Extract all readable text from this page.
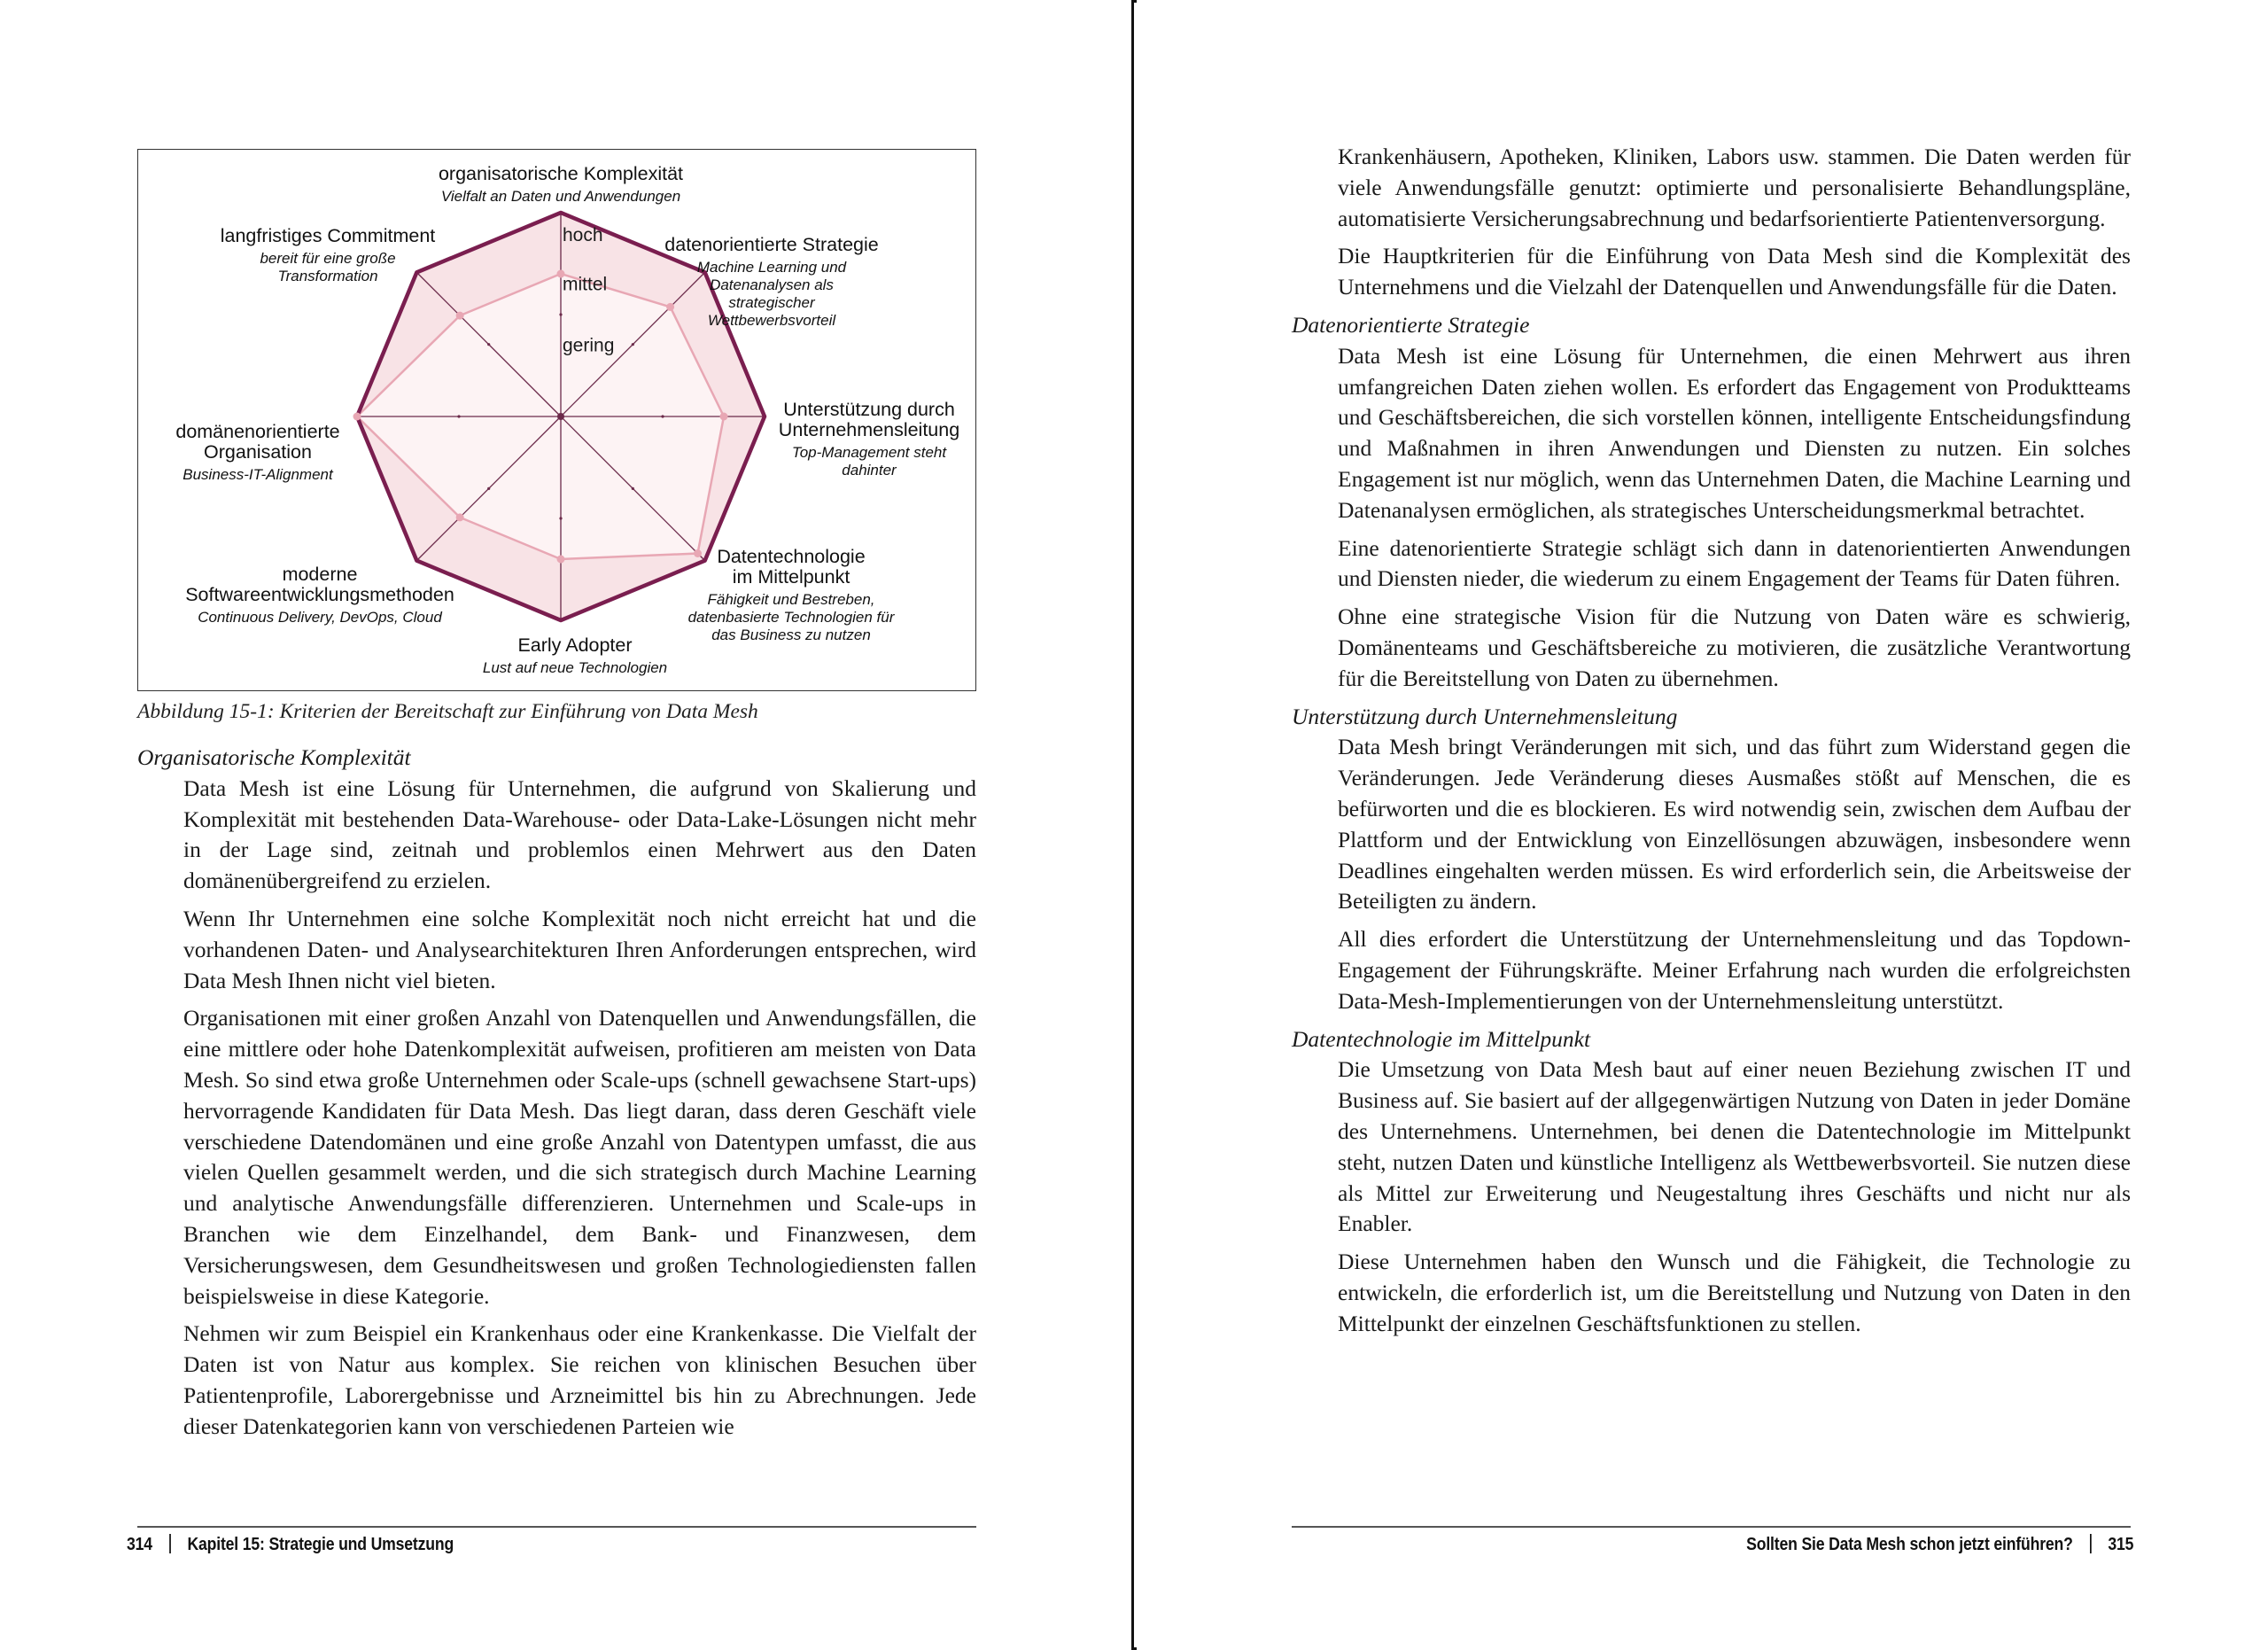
hoch
mittel
gering
organisatorische Komplexität Vielfalt an Daten und Anwendungen
datenorientierte Strategie Machine Learning und Datenanalysen als strategischer Wettbewerbsvorteil
Unterstützung durch Unternehmensleitung Top-Management steht dahinter
Datentechnologie im Mittelpunkt Fähigkeit und Bestreben, datenbasierte Technologien für das Business zu nutzen
Early Adopter Lust auf neue Technologien
moderne Softwareentwicklungsmethoden Continuous Delivery, DevOps, Cloud
domänenorientierte Organisation Business-IT-Alignment
langfristiges Commitment bereit für eine große Transformation
Abbildung 15-1: Kriterien der Bereitschaft zur Einführung von Data Mesh
Organisatorische Komplexität

Data Mesh ist eine Lösung für Unternehmen, die aufgrund von Skalierung und Komplexität mit bestehenden Data-Warehouse- oder Data-Lake-Lösungen nicht mehr in der Lage sind, zeitnah und problemlos einen Mehrwert aus den Daten domänenübergreifend zu erzielen.

Wenn Ihr Unternehmen eine solche Komplexität noch nicht erreicht hat und die vorhandenen Daten- und Analysearchitekturen Ihren Anforderungen entsprechen, wird Data Mesh Ihnen nicht viel bieten.

Organisationen mit einer großen Anzahl von Datenquellen und Anwendungsfällen, die eine mittlere oder hohe Datenkomplexität aufweisen, profitieren am meisten von Data Mesh. So sind etwa große Unternehmen oder Scale-ups (schnell gewachsene Start-ups) hervorragende Kandidaten für Data Mesh. Das liegt daran, dass deren Geschäft viele verschiedene Datendomänen und eine große Anzahl von Datentypen umfasst, die aus vielen Quellen gesammelt werden, und die sich strategisch durch Machine Learning und analytische Anwendungsfälle differenzieren. Unternehmen und Scale-ups in Branchen wie dem Einzelhandel, dem Bank- und Finanzwesen, dem Versicherungswesen, dem Gesundheitswesen und großen Technologiediensten fallen beispielsweise in diese Kategorie.

Nehmen wir zum Beispiel ein Krankenhaus oder eine Krankenkasse. Die Vielfalt der Daten ist von Natur aus komplex. Sie reichen von klinischen Besuchen über Patientenprofile, Laborergebnisse und Arzneimittel bis hin zu Abrechnungen. Jede dieser Datenkategorien kann von verschiedenen Parteien wie

314 Kapitel 15: Strategie und Umsetzung

Krankenhäusern, Apotheken, Kliniken, Labors usw. stammen. Die Daten werden für viele Anwendungsfälle genutzt: optimierte und personalisierte Behandlungspläne, automatisierte Versicherungsabrechnung und bedarfsorientierte Patientenversorgung.

Die Hauptkriterien für die Einführung von Data Mesh sind die Komplexität des Unternehmens und die Vielzahl der Datenquellen und Anwendungsfälle für die Daten.

Datenorientierte Strategie

Data Mesh ist eine Lösung für Unternehmen, die einen Mehrwert aus ihren umfangreichen Daten ziehen wollen. Es erfordert das Engagement von Produktteams und Geschäftsbereichen, die sich vorstellen können, intelligente Entscheidungsfindung und Maßnahmen in ihren Anwendungen und Diensten zu nutzen. Ein solches Engagement ist nur möglich, wenn das Unternehmen Daten, die Machine Learning und Datenanalysen ermöglichen, als strategisches Unterscheidungsmerkmal betrachtet.

Eine datenorientierte Strategie schlägt sich dann in datenorientierten Anwendungen und Diensten nieder, die wiederum zu einem Engagement der Teams für Daten führen.

Ohne eine strategische Vision für die Nutzung von Daten wäre es schwierig, Domänenteams und Geschäftsbereiche zu motivieren, die zusätzliche Verantwortung für die Bereitstellung von Daten zu übernehmen.

Unterstützung durch Unternehmensleitung

Data Mesh bringt Veränderungen mit sich, und das führt zum Widerstand gegen die Veränderungen. Jede Veränderung dieses Ausmaßes stößt auf Menschen, die es befürworten und die es blockieren. Es wird notwendig sein, zwischen dem Aufbau der Plattform und der Entwicklung von Einzellösungen abzuwägen, insbesondere wenn Deadlines eingehalten werden müssen. Es wird erforderlich sein, die Arbeitsweise der Beteiligten zu ändern.

All dies erfordert die Unterstützung der Unternehmensleitung und das Topdown-Engagement der Führungskräfte. Meiner Erfahrung nach wurden die erfolgreichsten Data-Mesh-Implementierungen von der Unternehmensleitung unterstützt.

Datentechnologie im Mittelpunkt

Die Umsetzung von Data Mesh baut auf einer neuen Beziehung zwischen IT und Business auf. Sie basiert auf der allgegenwärtigen Nutzung von Daten in jeder Domäne des Unternehmens. Unternehmen, bei denen die Datentechnologie im Mittelpunkt steht, nutzen Daten und künstliche Intelligenz als Wettbewerbsvorteil. Sie nutzen diese als Mittel zur Erweiterung und Neugestaltung ihres Geschäfts und nicht nur als Enabler.

Diese Unternehmen haben den Wunsch und die Fähigkeit, die Technologie zu entwickeln, die erforderlich ist, um die Bereitstellung und Nutzung von Daten in den Mittelpunkt der einzelnen Geschäftsfunktionen zu stellen.

Sollten Sie Data Mesh schon jetzt einführen? 315
